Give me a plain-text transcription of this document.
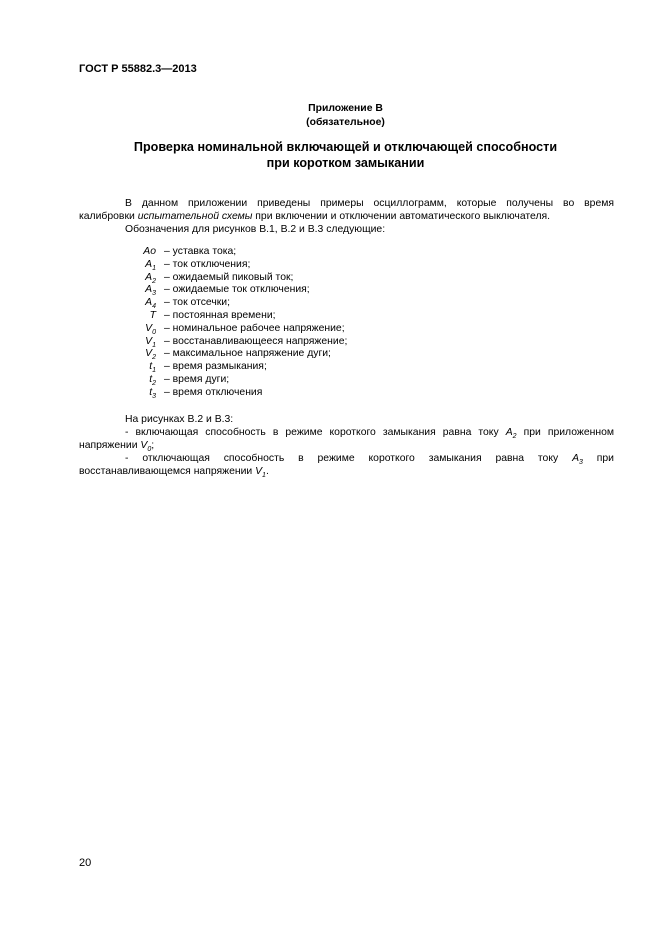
ГОСТ Р 55882.3—2013
Приложение В
(обязательное)
Проверка номинальной включающей и отключающей способности
при коротком замыкании
В данном приложении приведены примеры осциллограмм, которые получены во время
калибровки испытательной схемы при включении и отключении автоматического выключателя.
Обозначения для рисунков В.1, В.2 и В.3 следующие:
Ao – уставка тока;
$A_1$ – ток отключения;
$A_2$ – ожидаемый пиковый ток;
$A_3$ – ожидаемые ток отключения;
$A_4$ – ток отсечки;
T – постоянная времени;
$V_0$ – номинальное рабочее напряжение;
$V_1$ – восстанавливающееся напряжение;
$V_2$ – максимальное напряжение дуги;
$t_1$ – время размыкания;
$t_2$ – время дуги;
$t_3$ – время отключения
На рисунках В.2 и В.3:
- включающая способность в режиме короткого замыкания равна току $A_2$ при приложенном
напряжении $V_0$;
- отключающая способность в режиме короткого замыкания равна току $A_3$ при
восстанавливающемся напряжении $V_1$.
20
